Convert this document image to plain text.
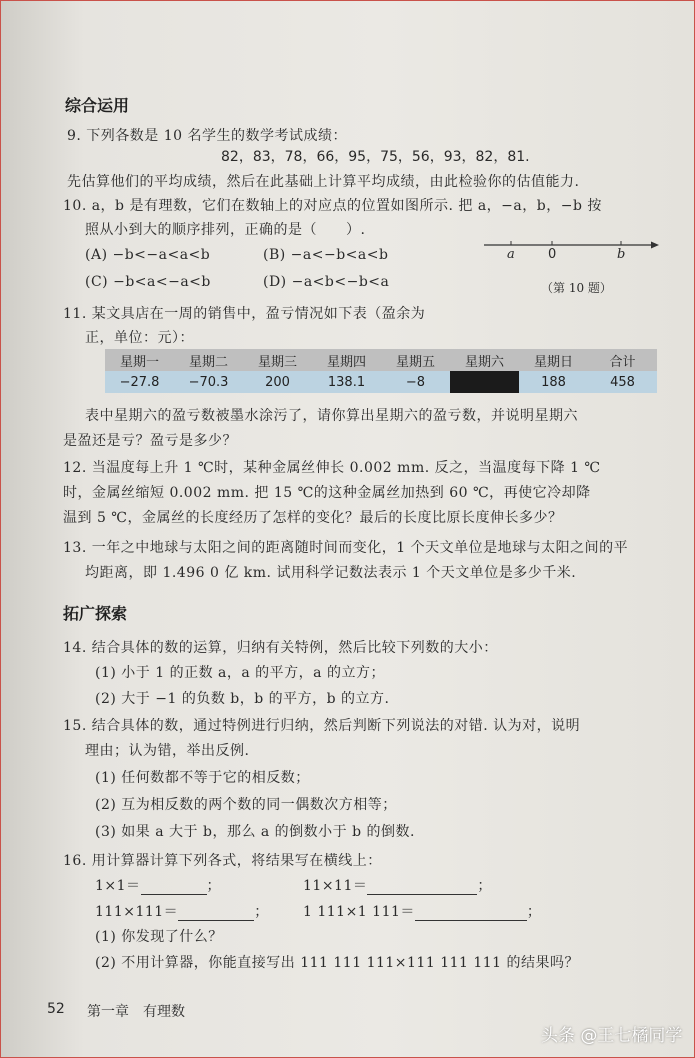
综合运用
9. 下列各数是 10 名学生的数学考试成绩：
82，83，78，66，95，75，56，93，82，81.
先估算他们的平均成绩，然后在此基础上计算平均成绩，由此检验你的估值能力.
10. a，b 是有理数，它们在数轴上的对应点的位置如图所示. 把 a，−a，b，−b 按
照从小到大的顺序排列，正确的是（　　）.
(A) −b<−a<a<b	(B) −a<−b<a<b
(C) −b<a<−a<b	(D) −a<b<−b<a
a	0	b
（第 10 题）
11. 某文具店在一周的销售中，盈亏情况如下表（盈余为
正，单位：元）：
星期一	星期二	星期三	星期四	星期五	星期六	星期日	合计
−27.8	−70.3	200	138.1	−8		188	458
表中星期六的盈亏数被墨水涂污了，请你算出星期六的盈亏数，并说明星期六
是盈还是亏？盈亏是多少？
12. 当温度每上升 1 ℃时，某种金属丝伸长 0.002 mm. 反之，当温度每下降 1 ℃
时，金属丝缩短 0.002 mm. 把 15 ℃的这种金属丝加热到 60 ℃，再使它冷却降
温到 5 ℃，金属丝的长度经历了怎样的变化？最后的长度比原长度伸长多少？
13. 一年之中地球与太阳之间的距离随时间而变化，1 个天文单位是地球与太阳之间的平
均距离，即 1.496 0 亿 km. 试用科学记数法表示 1 个天文单位是多少千米.
拓广探索
14. 结合具体的数的运算，归纳有关特例，然后比较下列数的大小：
(1) 小于 1 的正数 a，a 的平方，a 的立方；
(2) 大于 −1 的负数 b，b 的平方，b 的立方.
15. 结合具体的数，通过特例进行归纳，然后判断下列说法的对错. 认为对，说明
理由；认为错，举出反例.
(1) 任何数都不等于它的相反数；
(2) 互为相反数的两个数的同一偶数次方相等；
(3) 如果 a 大于 b，那么 a 的倒数小于 b 的倒数.
16. 用计算器计算下列各式，将结果写在横线上：
1×1＝	；	11×11＝	；
111×111＝	； 1 111×1 111＝	；
(1) 你发现了什么？
(2) 不用计算器，你能直接写出 111 111 111×111 111 111 的结果吗？
52 第一章　有理数
头条 @王七橘同学
